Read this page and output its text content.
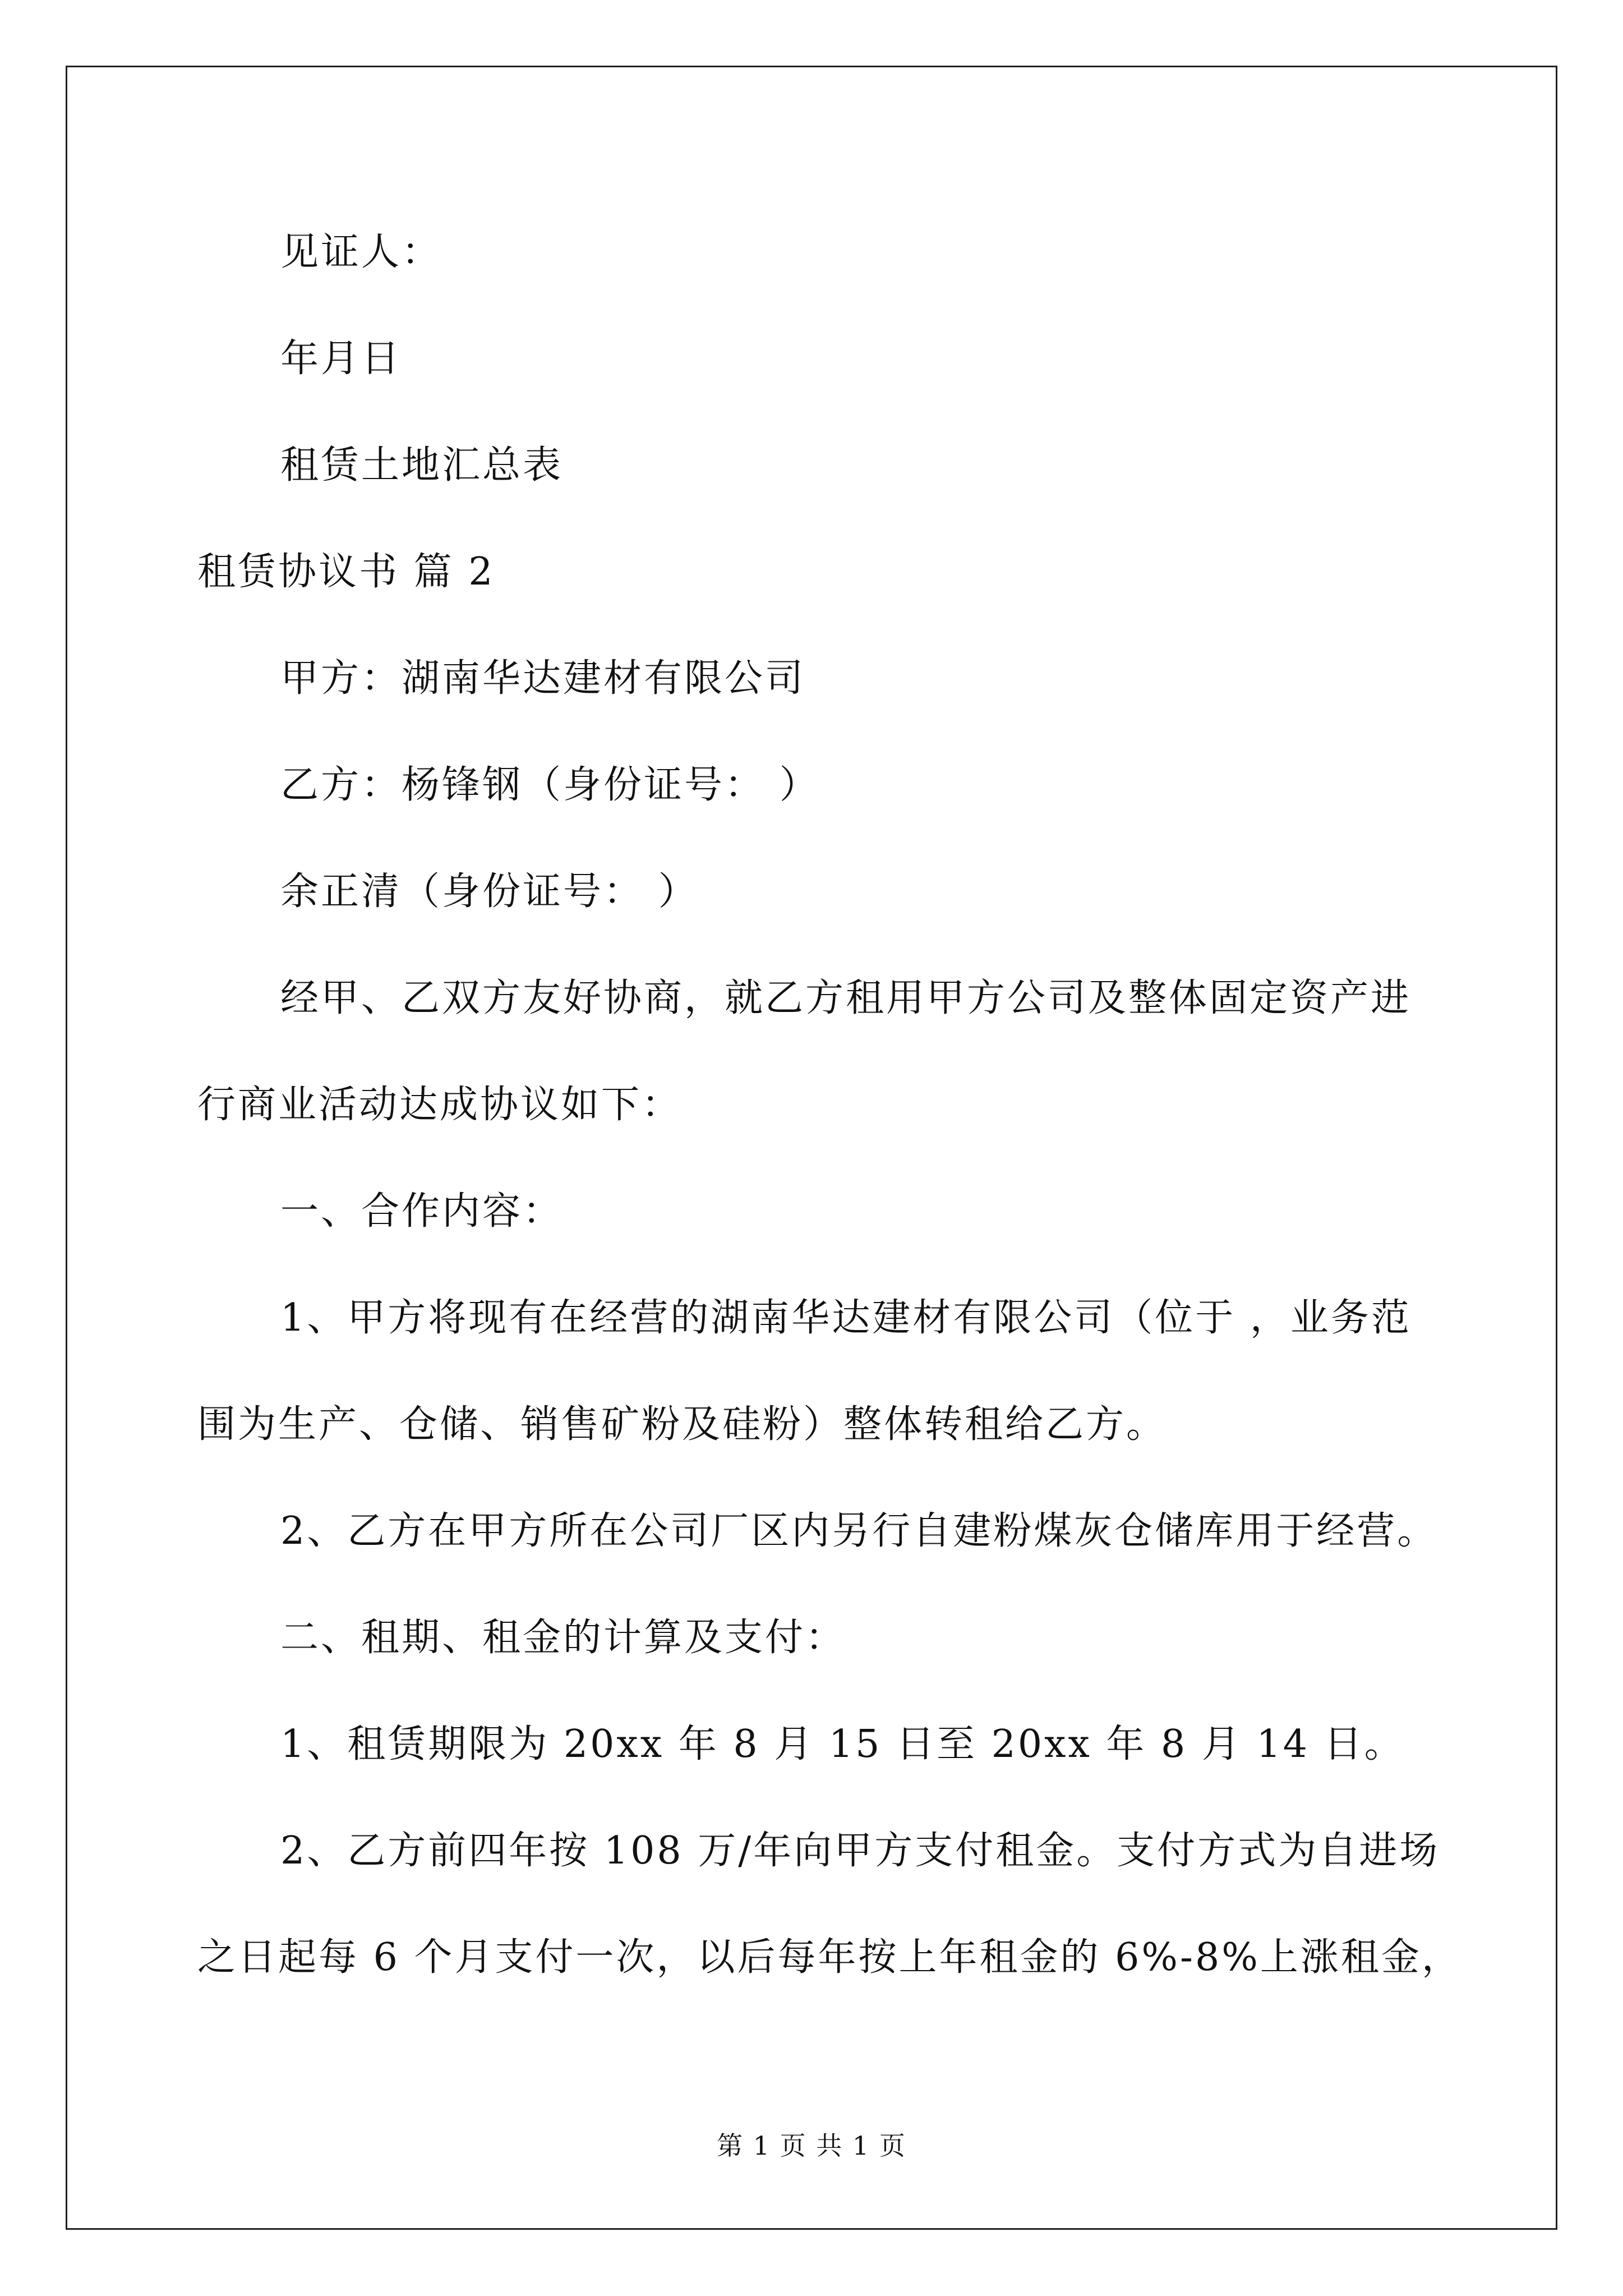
见证人：
年月日
租赁土地汇总表
租赁协议书 篇 2
甲方：湖南华达建材有限公司
乙方：杨锋钢（身份证号： ）
余正清（身份证号： ）
经甲、乙双方友好协商，就乙方租用甲方公司及整体固定资产进
行商业活动达成协议如下：
一、合作内容：
1、甲方将现有在经营的湖南华达建材有限公司（位于 ，业务范
围为生产、仓储、销售矿粉及硅粉）整体转租给乙方。
2、乙方在甲方所在公司厂区内另行自建粉煤灰仓储库用于经营。
二、租期、租金的计算及支付：
1、租赁期限为 20xx 年 8 月 15 日至 20xx 年 8 月 14 日。
2、乙方前四年按 108 万/年向甲方支付租金。支付方式为自进场
之日起每 6 个月支付一次，以后每年按上年租金的 6%-8%上涨租金，
第 1 页 共 1 页
